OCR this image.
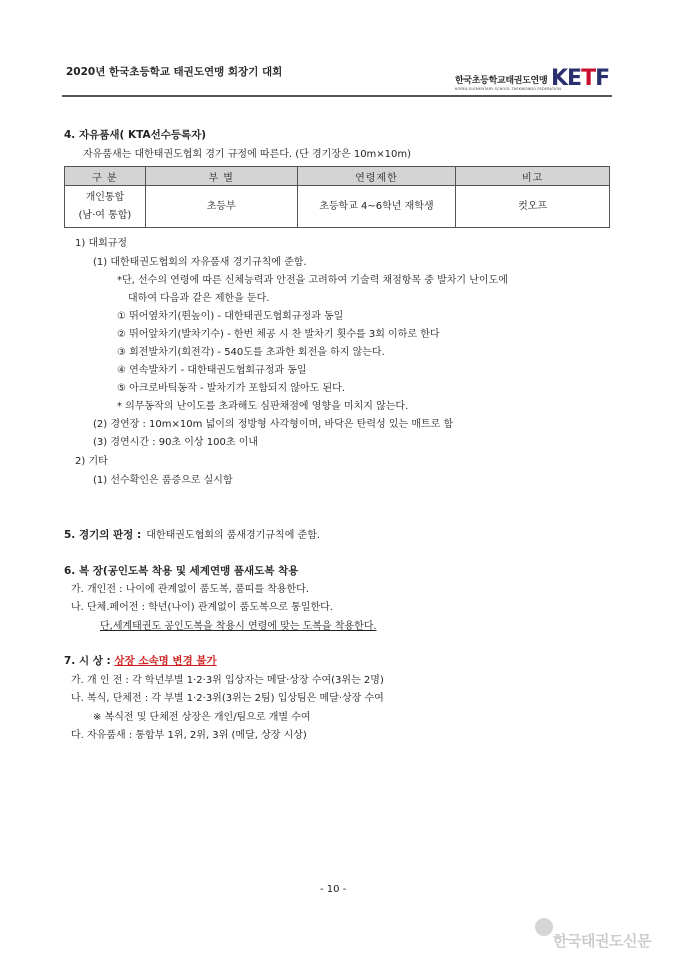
2020년 한국초등학교 태권도연맹 회장기 대회
한국초등학교태권도연맹
KOREA ELEMENTARY SCHOOL TAEKWONDO FEDERATION
KETF
4. 자유품새( KTA선수등록자)
자유품새는 대한태권도협회 경기 규정에 따른다. (단 경기장은 10m×10m)
구 분	부 별	연령제한	비고

개인통합
(남·여 통합)	초등부	초등학교 4~6학년 재학생	컷오프
1) 대회규정
(1) 대한태권도협회의 자유품새 경기규칙에 준함.
*단, 선수의 연령에 따른 신체능력과 안전을 고려하여 기술력 채점항목 중 발차기 난이도에
대하여 다음과 같은 제한을 둔다.
① 뛰어옆차기(뛴높이) - 대한태권도협회규정과 동일
② 뛰어앞차기(발차기수) - 한번 체공 시 찬 발차기 횟수를 3회 이하로 한다
③ 회전발차기(회전각) - 540도를 초과한 회전을 하지 않는다.
④ 연속발차기 - 대한태권도협회규정과 동일
⑤ 아크로바틱동작 - 발차기가 포함되지 않아도 된다.
* 의무동작의 난이도를 초과해도 심판채점에 영향을 미치지 않는다.
(2) 경연장 : 10m×10m 넓이의 정방형 사각형이며, 바닥은 탄력성 있는 매트로 함
(3) 경연시간 : 90초 이상 100초 이내
2) 기타
(1) 선수확인은 품증으로 실시함
5. 경기의 판정 : 대한태권도협회의 품새경기규칙에 준함.
6. 복 장(공인도복 착용 및 세계연맹 품새도복 착용
가. 개인전 : 나이에 관계없이 품도복, 품띠를 착용한다.
나. 단체.페어전 : 학년(나이) 관계없이 품도복으로 통일한다.
단,세계태권도 공인도복을 착용시 연령에 맞는 도복을 착용한다.
7. 시 상 : 상장 소속명 변경 불가
가. 개 인 전 : 각 학년부별 1·2·3위 입상자는 메달·상장 수여(3위는 2명)
나. 복식, 단체전 : 각 부별 1·2·3위(3위는 2팀) 입상팀은 메달·상장 수여
※ 복식전 및 단체전 상장은 개인/팀으로 개별 수여
다. 자유품새 : 통합부 1위, 2위, 3위 (메달, 상장 시상)
- 10 -
한국태권도신문
